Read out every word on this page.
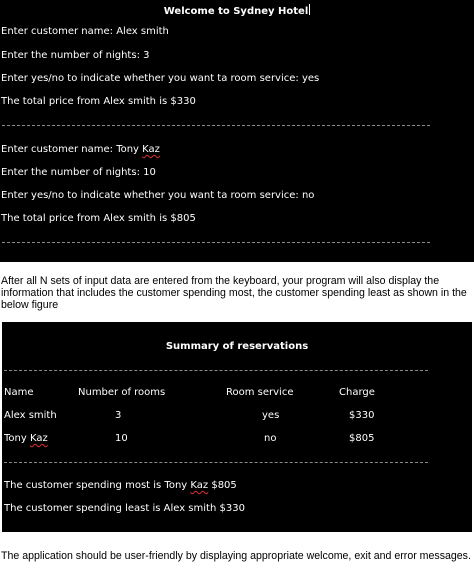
Welcome to Sydney Hotel
Enter customer name: Alex smith
Enter the number of nights: 3
Enter yes/no to indicate whether you want ta room service: yes
The total price from Alex smith is $330
Enter customer name: Tony Kaz
Enter the number of nights: 10
Enter yes/no to indicate whether you want ta room service: no
The total price from Alex smith is $805
After all N sets of input data are entered from the keyboard, your program will also display the information that includes the customer spending most, the customer spending least as shown in the below figure
Summary of reservations
Name	Number of rooms	Room service	Charge
Alex smith	3	yes	$330
Tony Kaz	10	no	$805
The customer spending most is Tony Kaz $805
The customer spending least is Alex smith $330
The application should be user-friendly by displaying appropriate welcome, exit and error messages.
